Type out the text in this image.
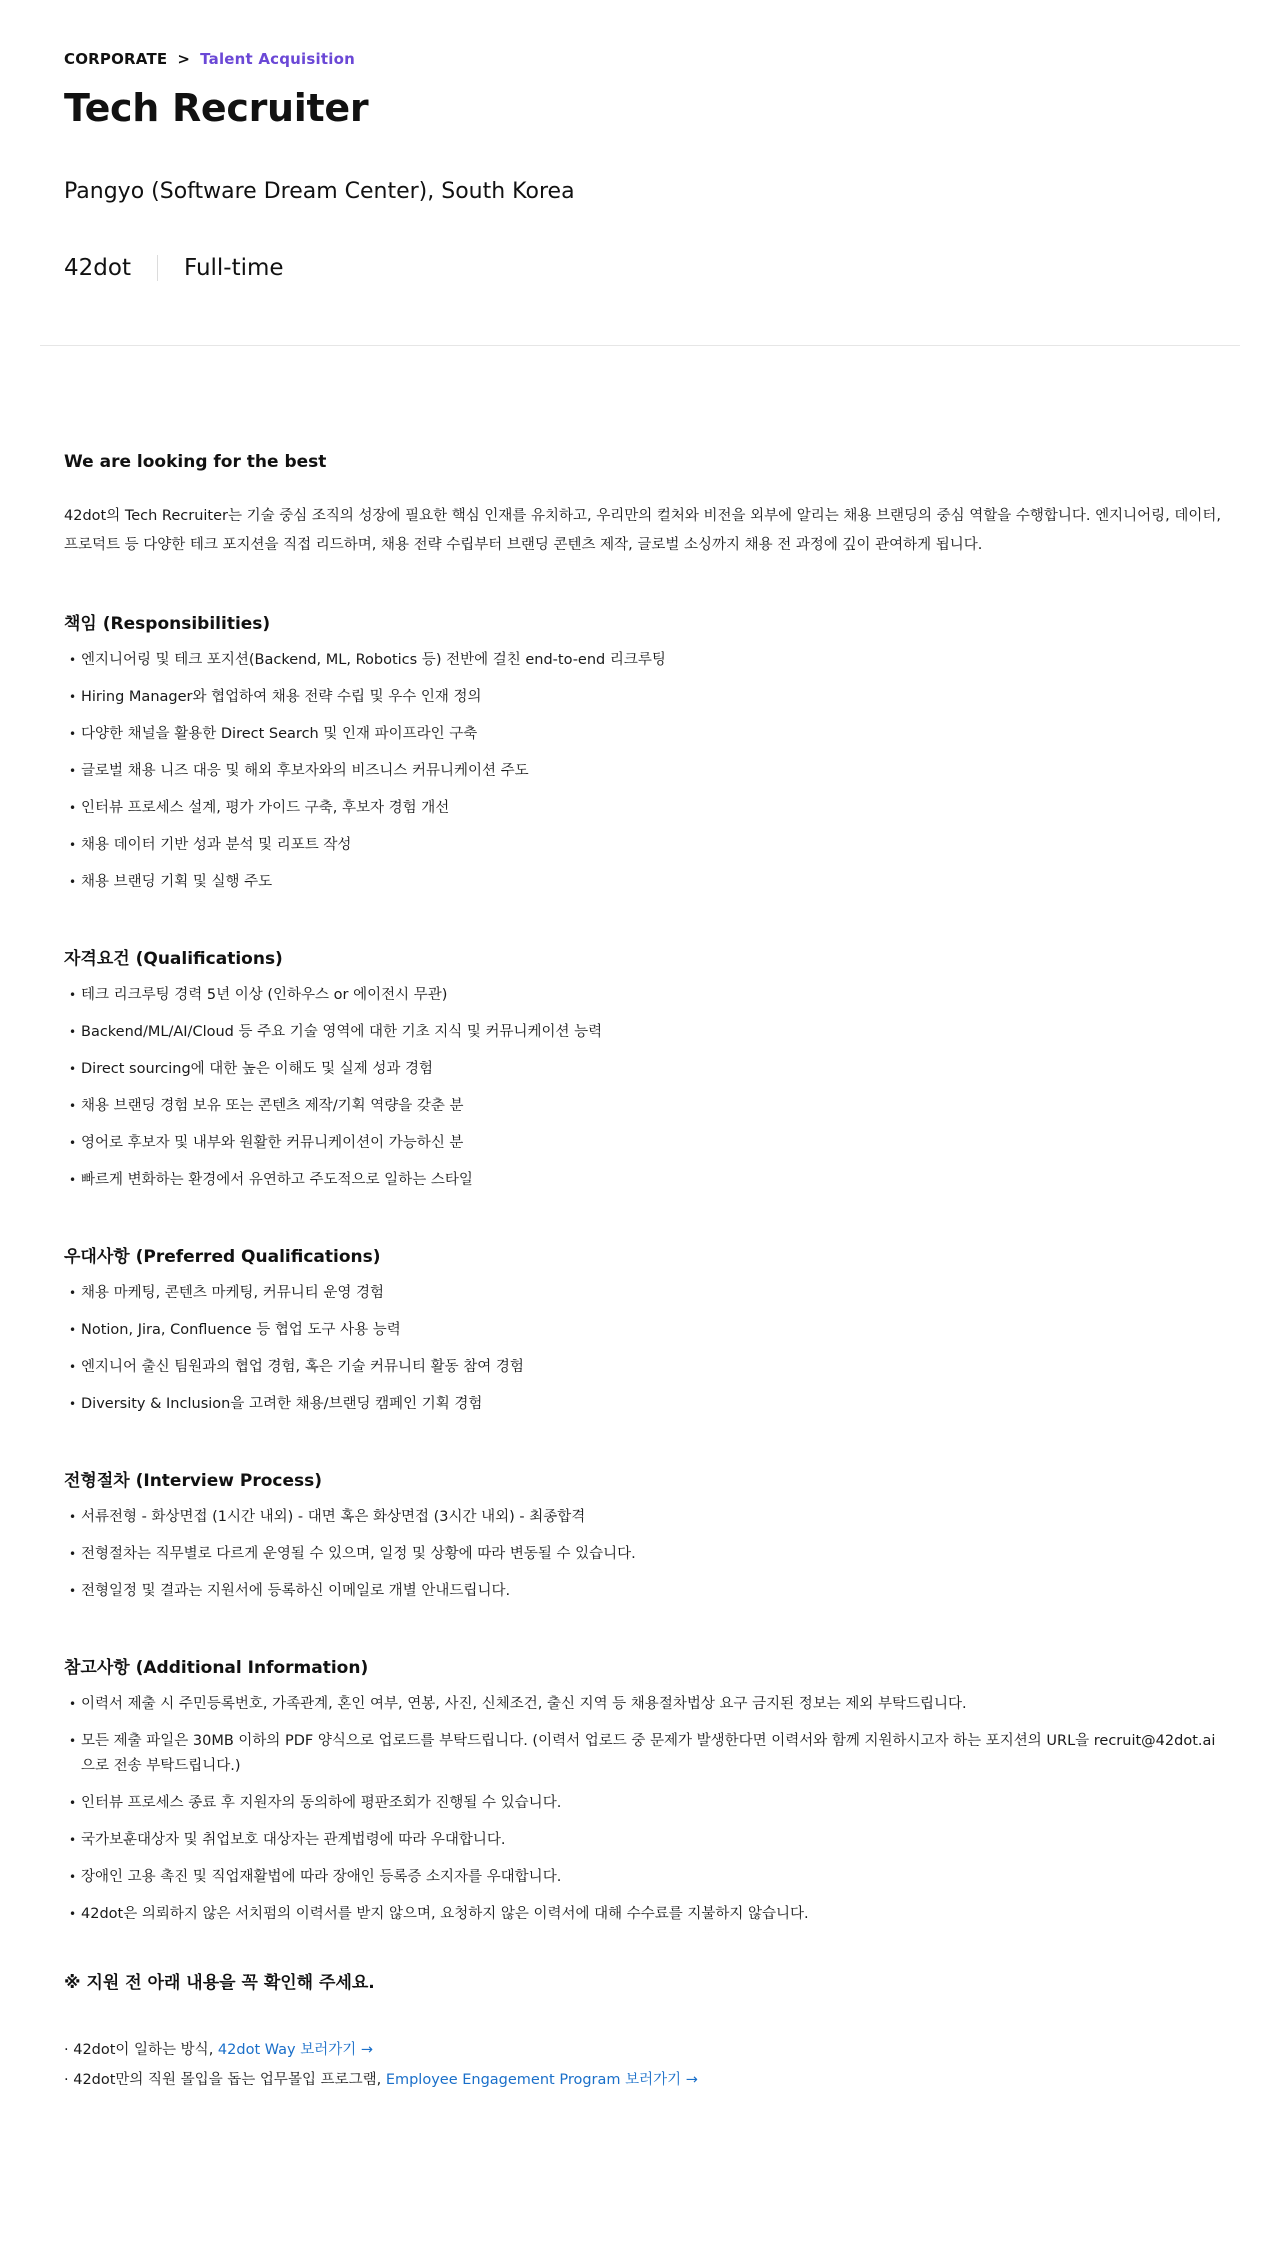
CORPORATE > Talent Acquisition
Tech Recruiter
Pangyo (Software Dream Center), South Korea
42dot Full-time
We are looking for the best

42dot의 Tech Recruiter는 기술 중심 조직의 성장에 필요한 핵심 인재를 유치하고, 우리만의 컬처와 비전을 외부에 알리는 채용 브랜딩의 중심 역할을 수행합니다. 엔지니어링, 데이터, 프로덕트 등 다양한 테크 포지션을 직접 리드하며, 채용 전략 수립부터 브랜딩 콘텐츠 제작, 글로벌 소싱까지 채용 전 과정에 깊이 관여하게 됩니다.

책임 (Responsibilities)
• 엔지니어링 및 테크 포지션(Backend, ML, Robotics 등) 전반에 걸친 end-to-end 리크루팅
• Hiring Manager와 협업하여 채용 전략 수립 및 우수 인재 정의
• 다양한 채널을 활용한 Direct Search 및 인재 파이프라인 구축
• 글로벌 채용 니즈 대응 및 해외 후보자와의 비즈니스 커뮤니케이션 주도
• 인터뷰 프로세스 설계, 평가 가이드 구축, 후보자 경험 개선
• 채용 데이터 기반 성과 분석 및 리포트 작성
• 채용 브랜딩 기획 및 실행 주도
자격요건 (Qualifications)
• 테크 리크루팅 경력 5년 이상 (인하우스 or 에이전시 무관)
• Backend/ML/AI/Cloud 등 주요 기술 영역에 대한 기초 지식 및 커뮤니케이션 능력
• Direct sourcing에 대한 높은 이해도 및 실제 성과 경험
• 채용 브랜딩 경험 보유 또는 콘텐츠 제작/기획 역량을 갖춘 분
• 영어로 후보자 및 내부와 원활한 커뮤니케이션이 가능하신 분
• 빠르게 변화하는 환경에서 유연하고 주도적으로 일하는 스타일
우대사항 (Preferred Qualifications)
• 채용 마케팅, 콘텐츠 마케팅, 커뮤니티 운영 경험
• Notion, Jira, Confluence 등 협업 도구 사용 능력
• 엔지니어 출신 팀원과의 협업 경험, 혹은 기술 커뮤니티 활동 참여 경험
• Diversity & Inclusion을 고려한 채용/브랜딩 캠페인 기획 경험
전형절차 (Interview Process)
• 서류전형 - 화상면접 (1시간 내외) - 대면 혹은 화상면접 (3시간 내외) - 최종합격
• 전형절차는 직무별로 다르게 운영될 수 있으며, 일정 및 상황에 따라 변동될 수 있습니다.
• 전형일정 및 결과는 지원서에 등록하신 이메일로 개별 안내드립니다.
참고사항 (Additional Information)
• 이력서 제출 시 주민등록번호, 가족관계, 혼인 여부, 연봉, 사진, 신체조건, 출신 지역 등 채용절차법상 요구 금지된 정보는 제외 부탁드립니다.
• 모든 제출 파일은 30MB 이하의 PDF 양식으로 업로드를 부탁드립니다. (이력서 업로드 중 문제가 발생한다면 이력서와 함께 지원하시고자 하는 포지션의 URL을 recruit@42dot.ai으로 전송 부탁드립니다.)
• 인터뷰 프로세스 종료 후 지원자의 동의하에 평판조회가 진행될 수 있습니다.
• 국가보훈대상자 및 취업보호 대상자는 관계법령에 따라 우대합니다.
• 장애인 고용 촉진 및 직업재활법에 따라 장애인 등록증 소지자를 우대합니다.
• 42dot은 의뢰하지 않은 서치펌의 이력서를 받지 않으며, 요청하지 않은 이력서에 대해 수수료를 지불하지 않습니다.
※ 지원 전 아래 내용을 꼭 확인해 주세요.
· 42dot이 일하는 방식, 42dot Way 보러가기 →
· 42dot만의 직원 몰입을 돕는 업무몰입 프로그램, Employee Engagement Program 보러가기 →
